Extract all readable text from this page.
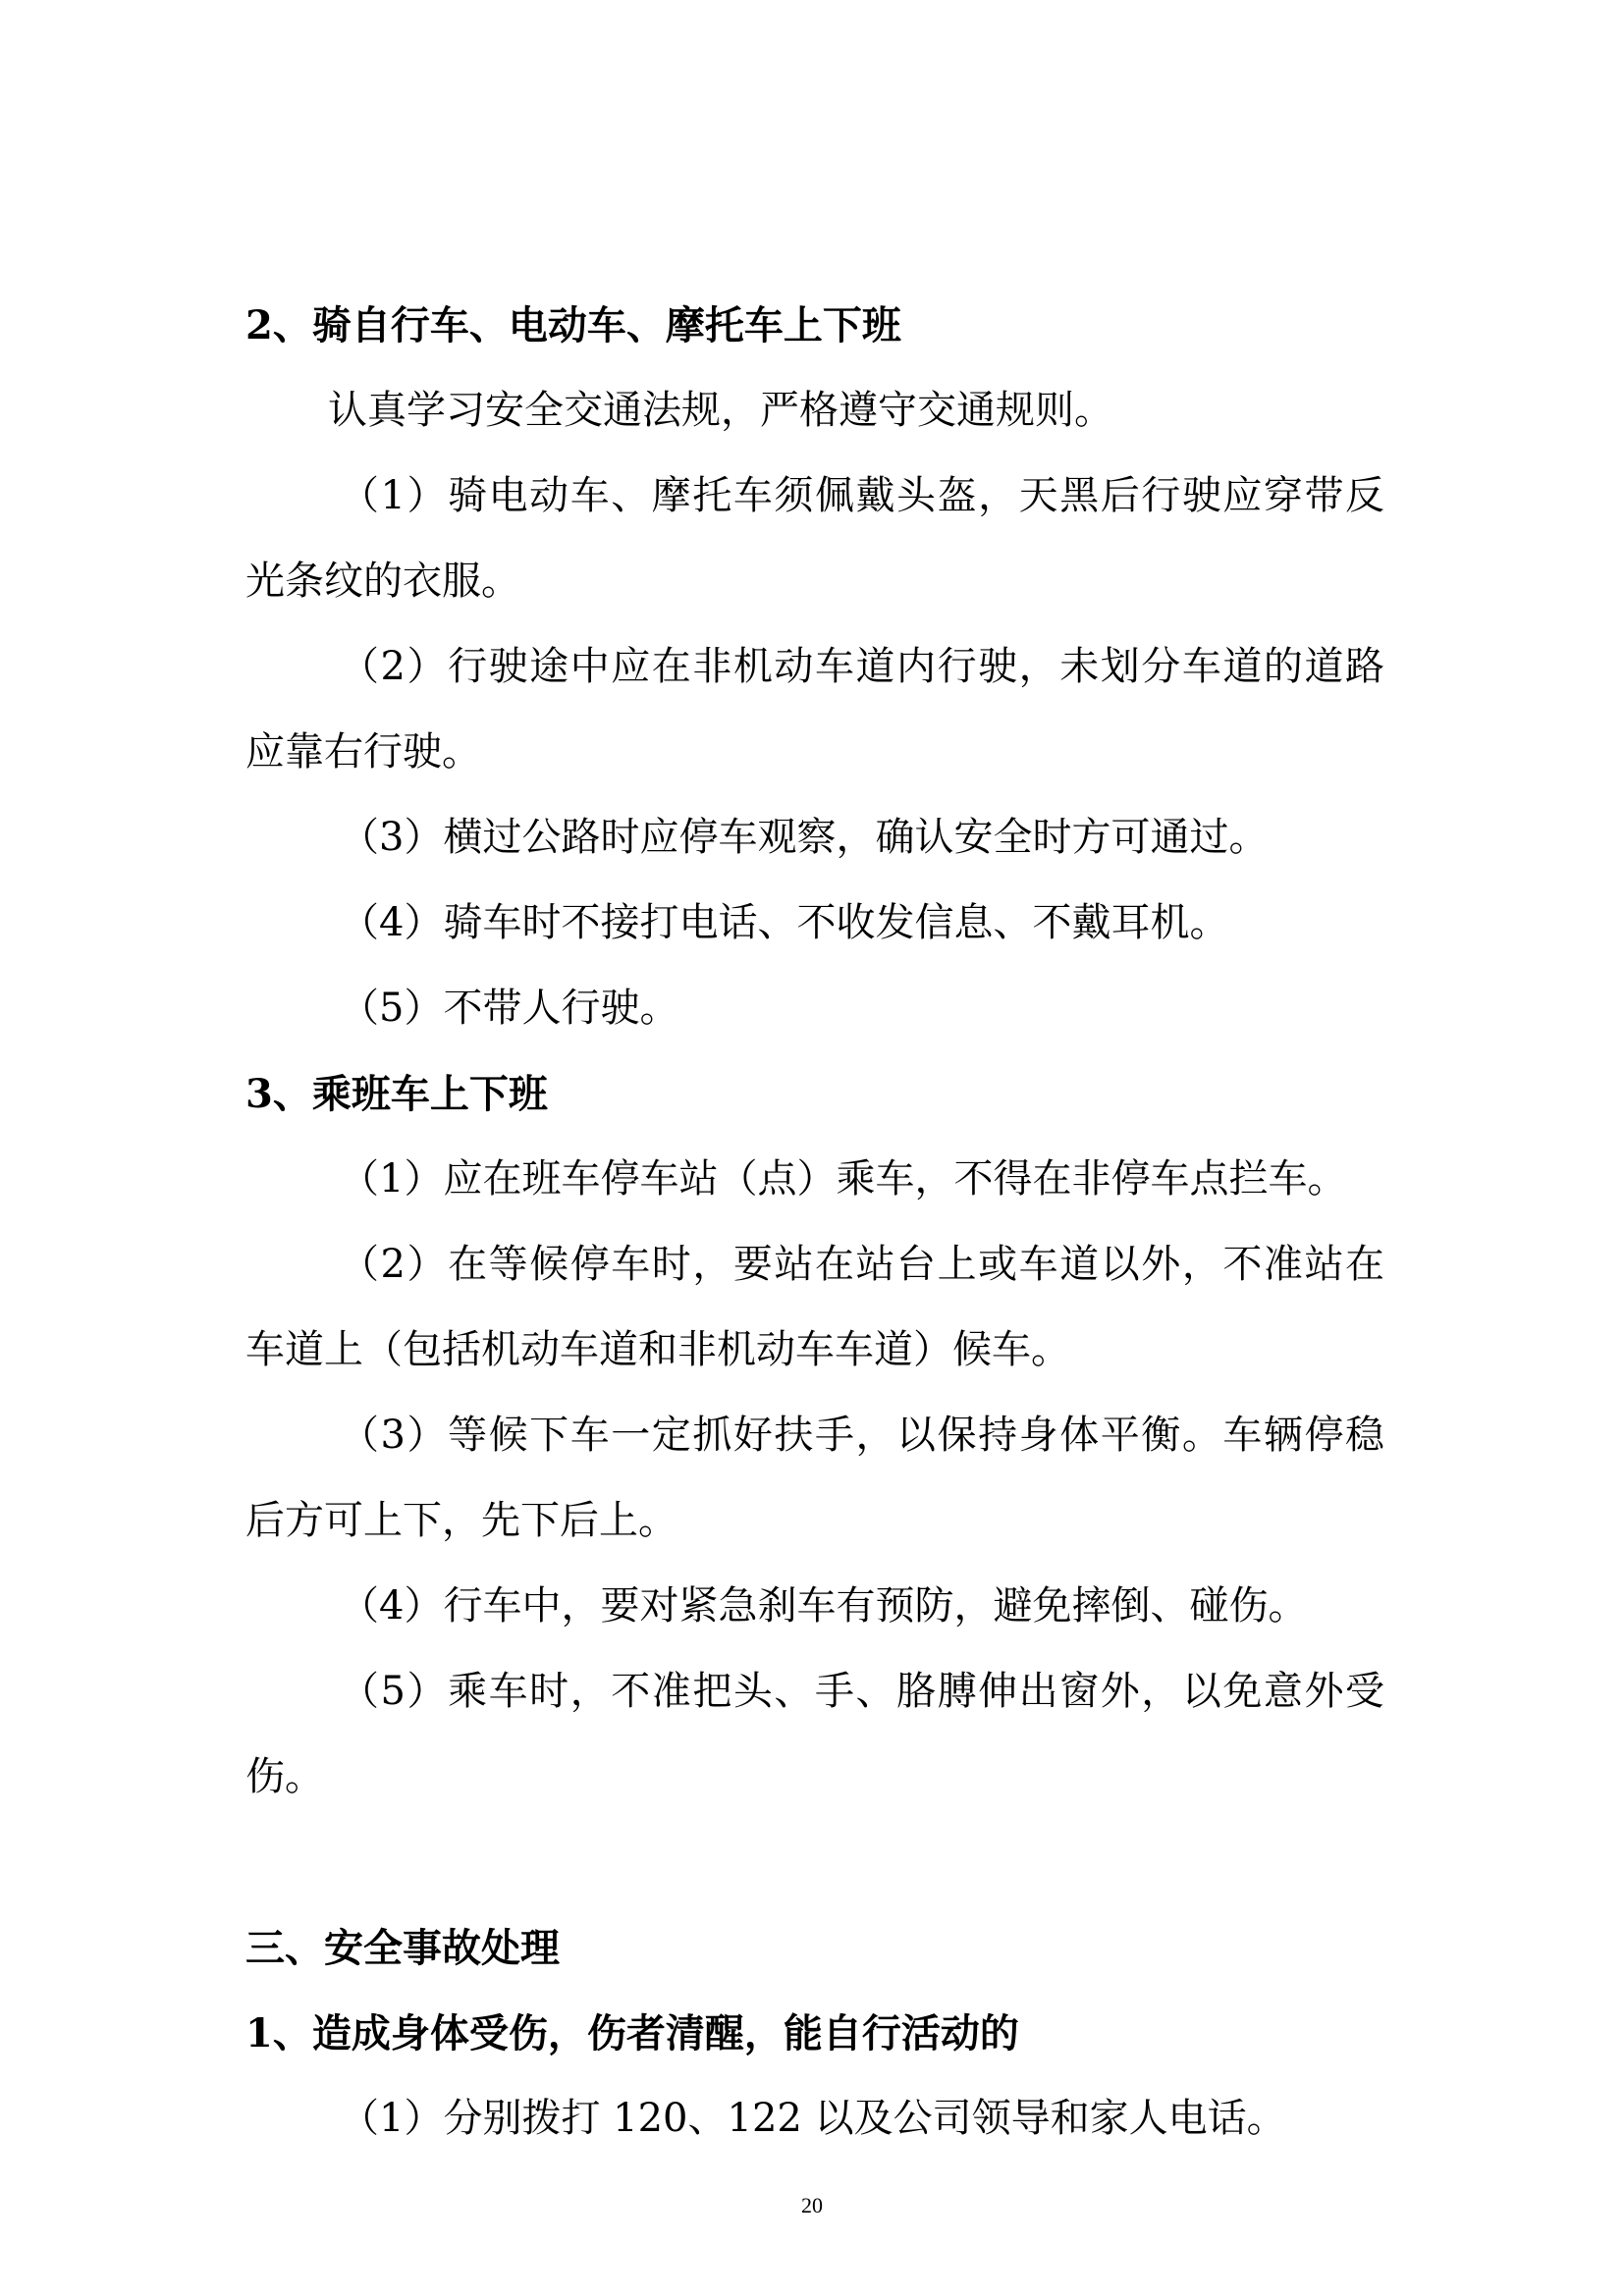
2、骑自行车、电动车、摩托车上下班

认真学习安全交通法规，严格遵守交通规则。

（1）骑电动车、摩托车须佩戴头盔，天黑后行驶应穿带反光条纹的衣服。

（2）行驶途中应在非机动车道内行驶，未划分车道的道路应靠右行驶。

（3）横过公路时应停车观察，确认安全时方可通过。

（4）骑车时不接打电话、不收发信息、不戴耳机。

（5）不带人行驶。

3、乘班车上下班

（1）应在班车停车站（点）乘车，不得在非停车点拦车。

（2）在等候停车时，要站在站台上或车道以外，不准站在车道上（包括机动车道和非机动车车道）候车。

（3）等候下车一定抓好扶手，以保持身体平衡。车辆停稳后方可上下，先下后上。

（4）行车中，要对紧急刹车有预防，避免摔倒、碰伤。

（5）乘车时，不准把头、手、胳膊伸出窗外，以免意外受伤。

三、安全事故处理
1、造成身体受伤，伤者清醒，能自行活动的

（1）分别拨打 120、122 以及公司领导和家人电话。

20
